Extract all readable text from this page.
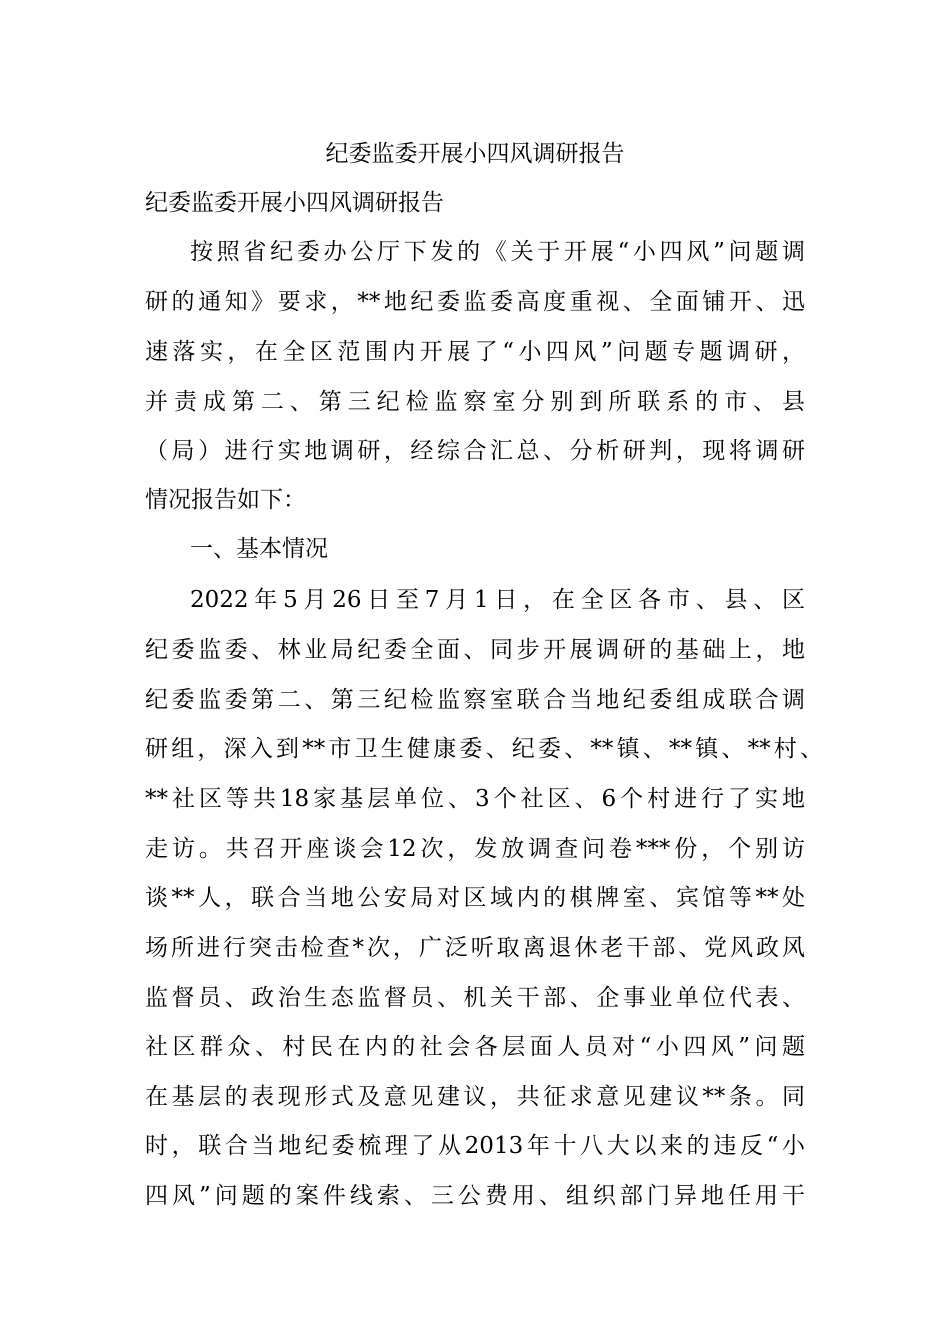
纪委监委开展小四风调研报告
纪委监委开展小四风调研报告
按照省纪委办公厅下发的《关于开展“小四风”问题调
研的通知》要求，**地纪委监委高度重视、全面铺开、迅
速落实，在全区范围内开展了“小四风”问题专题调研，
并责成第二、第三纪检监察室分别到所联系的市、县
（局）进行实地调研，经综合汇总、分析研判，现将调研
情况报告如下：
一、基本情况
2022年5月26日至7月1日，在全区各市、县、区
纪委监委、林业局纪委全面、同步开展调研的基础上，地
纪委监委第二、第三纪检监察室联合当地纪委组成联合调
研组，深入到**市卫生健康委、纪委、**镇、**镇、**村、
**社区等共18家基层单位、3个社区、6个村进行了实地
走访。共召开座谈会12次，发放调查问卷***份，个别访
谈**人，联合当地公安局对区域内的棋牌室、宾馆等**处
场所进行突击检查*次，广泛听取离退休老干部、党风政风
监督员、政治生态监督员、机关干部、企事业单位代表、
社区群众、村民在内的社会各层面人员对“小四风”问题
在基层的表现形式及意见建议，共征求意见建议**条。同
时，联合当地纪委梳理了从2013年十八大以来的违反“小
四风”问题的案件线索、三公费用、组织部门异地任用干
